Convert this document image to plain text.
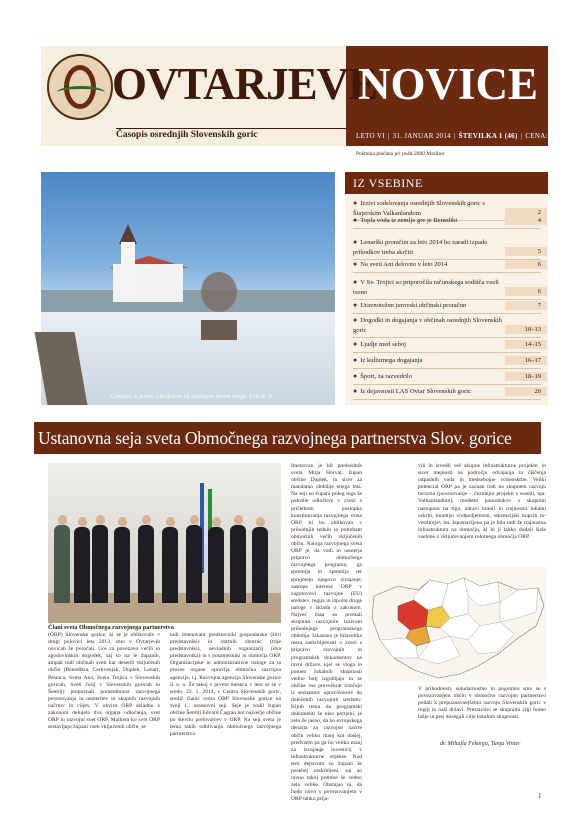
OVTARJEVE
NOVICE
Časopis osrednjih Slovenskih goric	LETO VI | 31. JANUAR 2014 | ŠTEVILKA 1 (46) | CENA: 1,70 €
Poštnina plačana pri pošti 2000 Maribor
Cerkvica in jezero v Radehovi ob letošnjem prvem snegu. Foto E. P.
IZ VSEBINE
● Izzivi sodelovanja osrednjih Slovenskih goric s Štajerskim Valkanlandom	2
● Topla voda iz zemlje gre je Benedikt	4
● Lenarški proračun za leto 2014 bo zaradi izpada prihodkov treba skrčiti	5
● Na sveti Ani delovno v leto 2014	6
● V Sv. Trojici so priporočila računskega sodišča vzeli resno	6
● Uravnotežen jurovski občinski proračun	7
● Dogodki in dogajanja v občinah osrednjih Slovenskih goric	10–13
● Ljudje med seboj	14–15
● Iz kulturnega dogajanja	16–17
● Šport, za razvedrilo	18–19
● Iz dejavnosti LAS Ovtar Slovenskih goric	20
Ustanovna seja sveta Območnega razvojnega partnerstva Slov. gorice
Člani sveta Območnega razvojnega partnerstva
(ORP) Slovenske gorice, ki se je oblikovalo v drugi polovici leta 2013, smo v Ovtarjevih novicah že poročali. Gre za povezavo večih in zgodovinskih dogodek, saj so na le županih, ampak tudi občinah sveti kar desetih vključenih občin (Benedikta, Cerkvenjak, Duplek, Lenart, Pesnica, Sveta Ana, Sveta Trojica v Slovenskih goricah, Sveti Jurij v Slovenskih goricah in Šentilj) prepoznali pomembnost razvojnega povezovanja in usmeritev in skupnih razvojnih načrtov in ciljev. V okviru ORP skladno z zakonom delujeta dva organa odločanja, svet ORP in razvojni svet ORP. Malhem ko svet ORP sestavljajo župani vseh vključenih občin, se
tudi imenovani predstavniki gospodarske (štiri predstavniki) in obrtnih zbornic (trije predstavniki), nevladnih organizacij (dva predstavnika) in s posamezniki in območja ORP. Organizacijske in administrativne naloge za ta proces organe opravlja območna razvojna agencija, t.j. Razvojna agencija Slovenske gorice d. o. o. Že takoj v prvem mesecu v letu so se v sredo, 22. 1. 2014, v Centru Slovenskih goric, sredič članic sveta ORP Slovenske gorice na sveji 1., ustanovni seji. Seje je vodil župan občine Šentilj Edvard Čagran kot največje občine po številu prebivalcev v ORP. Na seji sveta je tema takih odblivanju območnega razvojnega partnerstva.
Imenovan je bil predsednik sveta Mitja Horvat, župan občine Duplek, in sicer za mandatno obdobje enega leta. Na seji so župani poleg tega še potrdile odločitve v zvezi s pričetkom postopka konstituiranja razvojnega sveta ORP, ki bo oblikovan v prihodnjih tednih in potrebam območnih večih vključenih občin. Naloga razvojnega sveta ORP je, da vodi in usmerja pripravo območnega razvojnega programa, ga spremlja in spremlja ter sprejmejo njegovo izvajanje, zastopa interese ORP v zagotovitvi razvojne (EU) sredstev, regija in izpolni druge naloge v skladu z zakonom. Najveć časa so prostali skupnim razvojnim izzivom prihodnjega programskega obdobja. Izkazano je bilavelika mera zaskrbljenosti v zvezi s pripravo razvojnih in programskih dokumentov na ravni države, kjer se vloga in pomen lokalnih skupnosti vedno bolj izgubljajo in se občine vse prevečkrat izločajo iz seznamov upravičencev do dolečenih razvojnih sredstev. Kljub temu da programski dokumenti še niso potrjeni, je zelo že jasno, da bo evropskega denarja za razvojne načrte občin veliko manj kot doslej, predvsem pa ga bo veliko manj za izvajanje investicij v infrastrukturne objekte. Nad tem dejstvom so župani še posebej zaskrbljeni, saj so ravno takoj potrebe še vedno zelo velike. Obstajao ni, da bodo novo s povezovanjem v ORP lahko prija-
vili in izvedli več skupne infrastrukturne projekte, in sicer mejnosti na področju odvajanja in čiščenja odpadnih voda in medsebojne vodooskrbe. Veliki potencial ORP pa je zaznan tudi na skupnem razvoju turizma (povezovanje – čezmejni projekti s sosedi, npr. Valkanlandom), medtem ponudnikov s skupnim nastopom na trgu, zdravi hrani) in trajnostni lokalni oskrbi, kmetijsi vodpodjetnosti, rekreacijski kupcih in-vestitorjev itn. Izpostavljeno pa je bilo tudi že trajnostna infrastruktura na območju, ki bi ji lahko dodali širše vsebine z vključevanjem celotnega območja ORP.
V prihodnosti, soludarnostno in pogumno smo se s povezovanjem občin v območno razvojno partnerstvo podali k prepoznavnejšemu razvoju Slovenskih goric v regiji in naši državi. Prestavitvi se skupnimi cilji bomo lažje in prej dosegali cilje lokalnih skupnosti.
dr. Mihajla Fekonja, Tanja Vinter
1
